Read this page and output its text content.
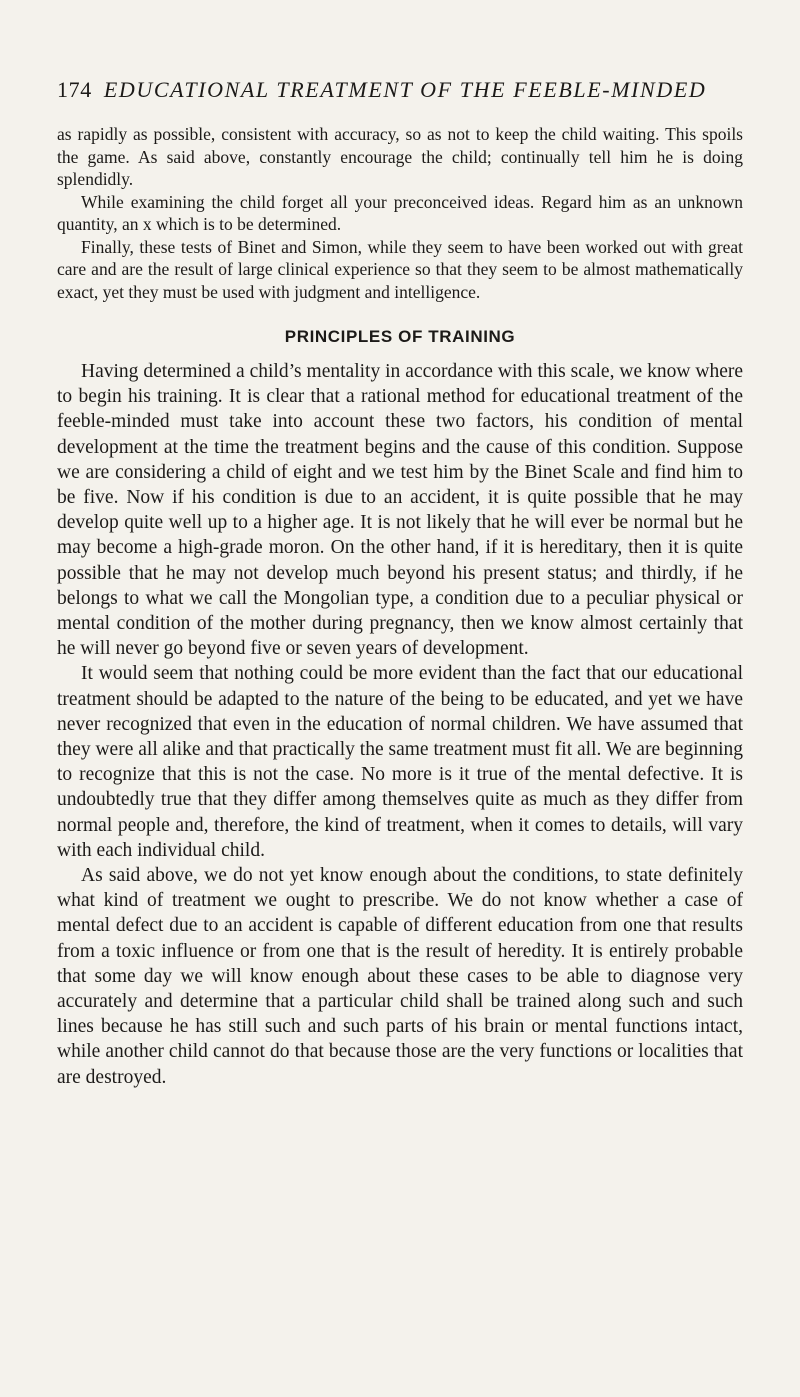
174 EDUCATIONAL TREATMENT OF THE FEEBLE-MINDED

as rapidly as possible, consistent with accuracy, so as not to keep the child waiting. This spoils the game. As said above, constantly encourage the child; continually tell him he is doing splendidly.

While examining the child forget all your preconceived ideas. Regard him as an unknown quantity, an x which is to be determined.

Finally, these tests of Binet and Simon, while they seem to have been worked out with great care and are the result of large clinical experience so that they seem to be almost mathematically exact, yet they must be used with judgment and intelligence.

PRINCIPLES OF TRAINING

Having determined a child’s mentality in accordance with this scale, we know where to begin his training. It is clear that a rational method for educational treatment of the feeble-minded must take into account these two factors, his condition of mental development at the time the treatment begins and the cause of this condition. Suppose we are considering a child of eight and we test him by the Binet Scale and find him to be five. Now if his condition is due to an accident, it is quite possible that he may develop quite well up to a higher age. It is not likely that he will ever be normal but he may become a high-grade moron. On the other hand, if it is hereditary, then it is quite possible that he may not develop much beyond his present status; and thirdly, if he belongs to what we call the Mongolian type, a condition due to a peculiar physical or mental condition of the mother during pregnancy, then we know almost certainly that he will never go beyond five or seven years of development.

It would seem that nothing could be more evident than the fact that our educational treatment should be adapted to the nature of the being to be educated, and yet we have never recognized that even in the education of normal children. We have assumed that they were all alike and that practically the same treatment must fit all. We are beginning to recognize that this is not the case. No more is it true of the mental defective. It is undoubtedly true that they differ among themselves quite as much as they differ from normal people and, therefore, the kind of treatment, when it comes to details, will vary with each individual child.

As said above, we do not yet know enough about the conditions, to state definitely what kind of treatment we ought to prescribe. We do not know whether a case of mental defect due to an accident is capable of different education from one that results from a toxic influence or from one that is the result of heredity. It is entirely probable that some day we will know enough about these cases to be able to diagnose very accurately and determine that a particular child shall be trained along such and such lines because he has still such and such parts of his brain or mental functions intact, while another child cannot do that because those are the very functions or localities that are destroyed.
